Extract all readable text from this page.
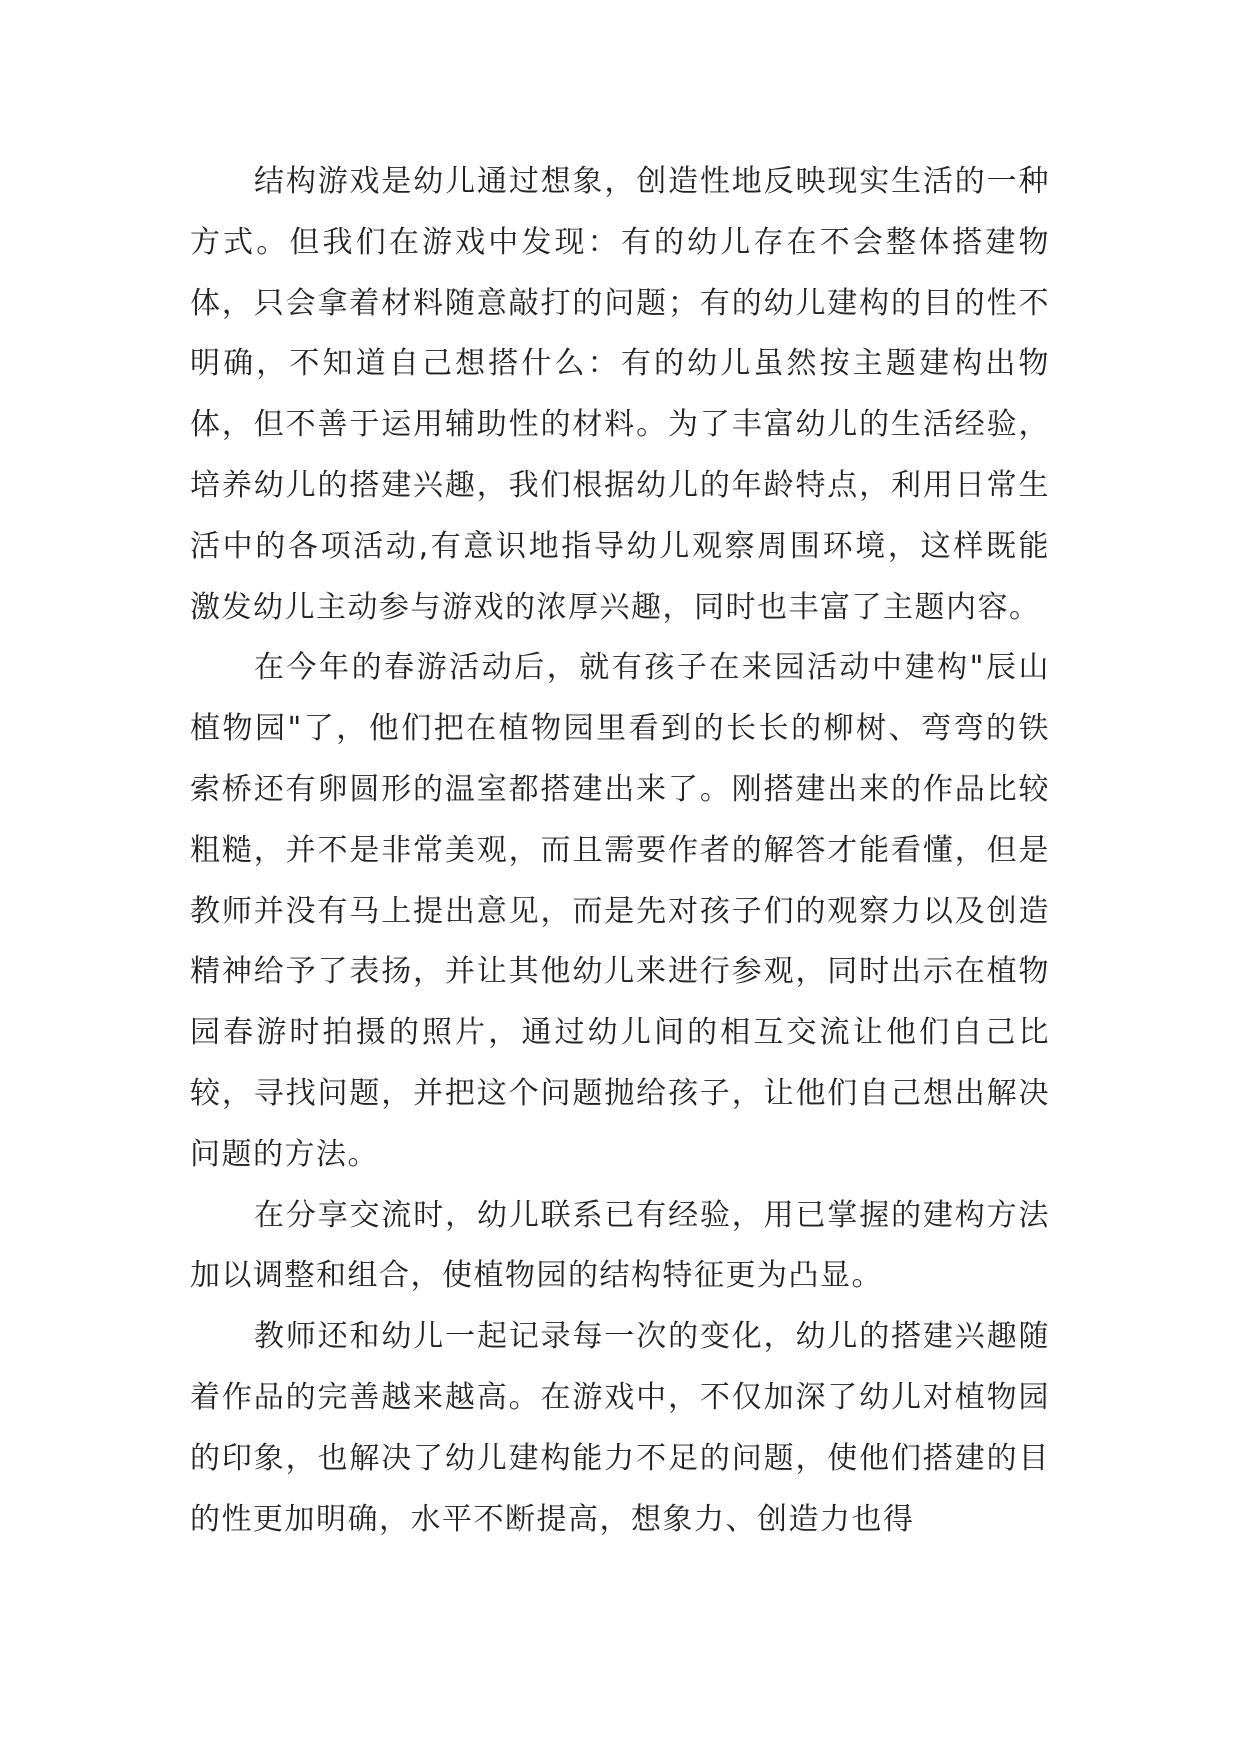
结构游戏是幼儿通过想象，创造性地反映现实生活的一种方式。但我们在游戏中发现：有的幼儿存在不会整体搭建物体，只会拿着材料随意敲打的问题；有的幼儿建构的目的性不明确，不知道自己想搭什么：有的幼儿虽然按主题建构出物体，但不善于运用辅助性的材料。为了丰富幼儿的生活经验，培养幼儿的搭建兴趣，我们根据幼儿的年龄特点，利用日常生活中的各项活动,有意识地指导幼儿观察周围环境，这样既能激发幼儿主动参与游戏的浓厚兴趣，同时也丰富了主题内容。

在今年的春游活动后，就有孩子在来园活动中建构"辰山植物园"了，他们把在植物园里看到的长长的柳树、弯弯的铁索桥还有卵圆形的温室都搭建出来了。刚搭建出来的作品比较粗糙，并不是非常美观，而且需要作者的解答才能看懂，但是教师并没有马上提出意见，而是先对孩子们的观察力以及创造精神给予了表扬，并让其他幼儿来进行参观，同时出示在植物园春游时拍摄的照片，通过幼儿间的相互交流让他们自己比较，寻找问题，并把这个问题抛给孩子，让他们自己想出解决问题的方法。

在分享交流时，幼儿联系已有经验，用已掌握的建构方法加以调整和组合，使植物园的结构特征更为凸显。

教师还和幼儿一起记录每一次的变化，幼儿的搭建兴趣随着作品的完善越来越高。在游戏中，不仅加深了幼儿对植物园的印象，也解决了幼儿建构能力不足的问题，使他们搭建的目的性更加明确，水平不断提高，想象力、创造力也得
